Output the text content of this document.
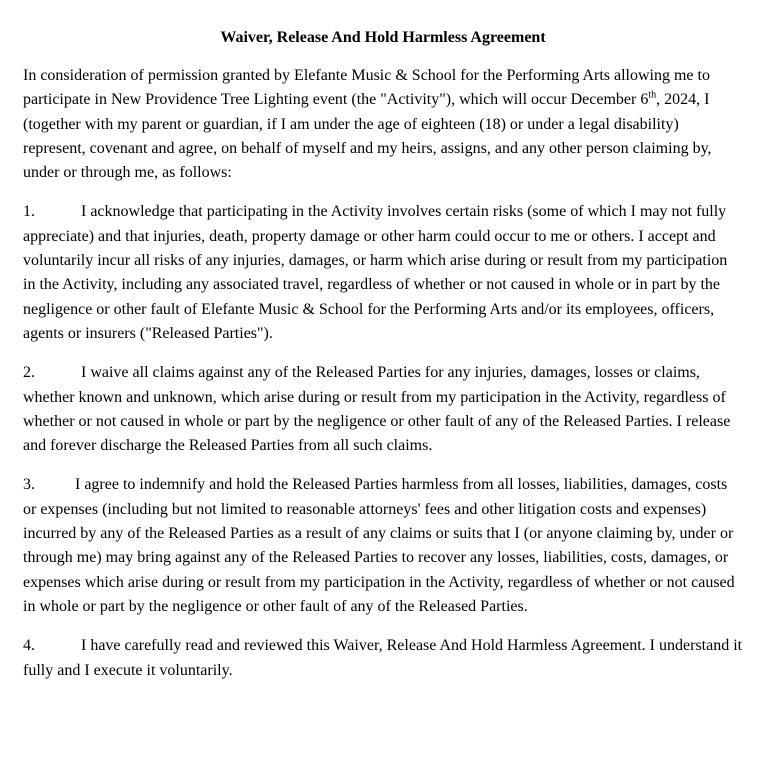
Waiver, Release And Hold Harmless Agreement

In consideration of permission granted by Elefante Music & School for the Performing Arts allowing me to participate in New Providence Tree Lighting event (the "Activity"), which will occur December 6th, 2024, I (together with my parent or guardian, if I am under the age of eighteen (18) or under a legal disability) represent, covenant and agree, on behalf of myself and my heirs, assigns, and any other person claiming by, under or through me, as follows:

1.	I acknowledge that participating in the Activity involves certain risks (some of which I may not fully appreciate) and that injuries, death, property damage or other harm could occur to me or others. I accept and voluntarily incur all risks of any injuries, damages, or harm which arise during or result from my participation in the Activity, including any associated travel, regardless of whether or not caused in whole or in part by the negligence or other fault of Elefante Music & School for the Performing Arts and/or its employees, officers, agents or insurers ("Released Parties").

2.	I waive all claims against any of the Released Parties for any injuries, damages, losses or claims, whether known and unknown, which arise during or result from my participation in the Activity, regardless of whether or not caused in whole or part by the negligence or other fault of any of the Released Parties. I release and forever discharge the Released Parties from all such claims.

3.	I agree to indemnify and hold the Released Parties harmless from all losses, liabilities, damages, costs or expenses (including but not limited to reasonable attorneys' fees and other litigation costs and expenses) incurred by any of the Released Parties as a result of any claims or suits that I (or anyone claiming by, under or through me) may bring against any of the Released Parties to recover any losses, liabilities, costs, damages, or expenses which arise during or result from my participation in the Activity, regardless of whether or not caused in whole or part by the negligence or other fault of any of the Released Parties.

4.	I have carefully read and reviewed this Waiver, Release And Hold Harmless Agreement. I understand it fully and I execute it voluntarily.
